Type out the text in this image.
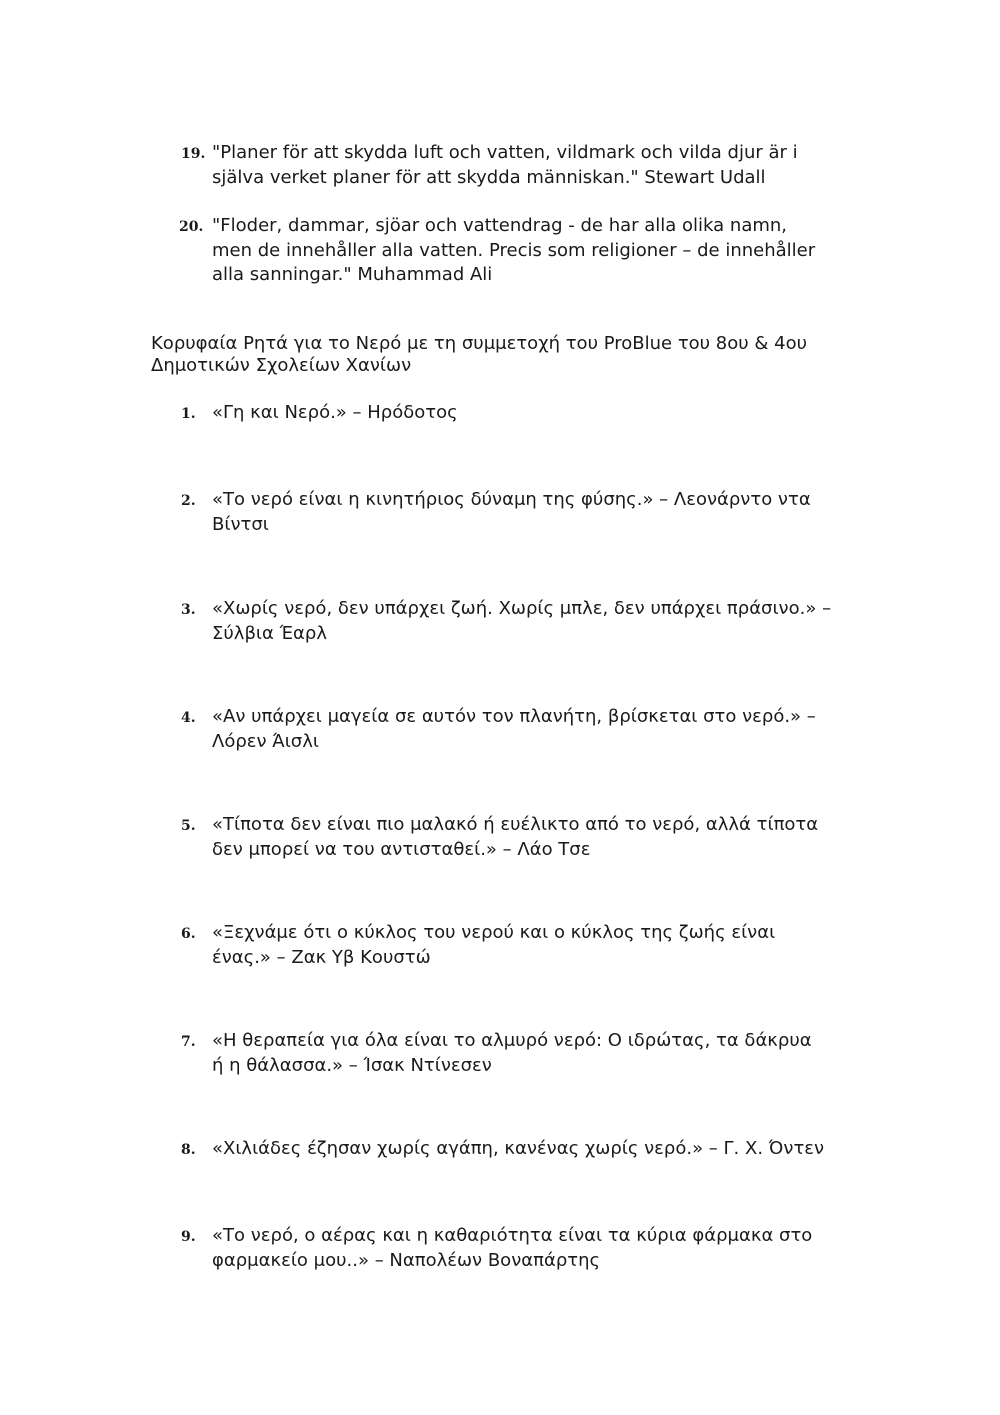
19. "Planer för att skydda luft och vatten, vildmark och vilda djur är i
själva verket planer för att skydda människan." Stewart Udall
20. "Floder, dammar, sjöar och vattendrag - de har alla olika namn,
men de innehåller alla vatten. Precis som religioner – de innehåller
alla sanningar." Muhammad Ali
Κορυφαία Ρητά για το Νερό με τη συμμετοχή του ProBlue του 8ου & 4ου
Δημοτικών Σχολείων Χανίων
1. «Γη και Νερό.» – Ηρόδοτος
2. «Το νερό είναι η κινητήριος δύναμη της φύσης.» – Λεονάρντο ντα
Βίντσι
3. «Χωρίς νερό, δεν υπάρχει ζωή. Χωρίς μπλε, δεν υπάρχει πράσινο.» –
Σύλβια Έαρλ
4. «Αν υπάρχει μαγεία σε αυτόν τον πλανήτη, βρίσκεται στο νερό.» –
Λόρεν Άισλι
5. «Τίποτα δεν είναι πιο μαλακό ή ευέλικτο από το νερό, αλλά τίποτα
δεν μπορεί να του αντισταθεί.» – Λάο Τσε
6. «Ξεχνάμε ότι ο κύκλος του νερού και ο κύκλος της ζωής είναι
ένας.» – Ζακ Υβ Κουστώ
7. «Η θεραπεία για όλα είναι το αλμυρό νερό: Ο ιδρώτας, τα δάκρυα
ή η θάλασσα.» – Ίσακ Ντίνεσεν
8. «Χιλιάδες έζησαν χωρίς αγάπη, κανένας χωρίς νερό.» – Γ. Χ. Όντεν
9. «Το νερό, ο αέρας και η καθαριότητα είναι τα κύρια φάρμακα στο
φαρμακείο μου..» – Ναπολέων Βοναπάρτης
